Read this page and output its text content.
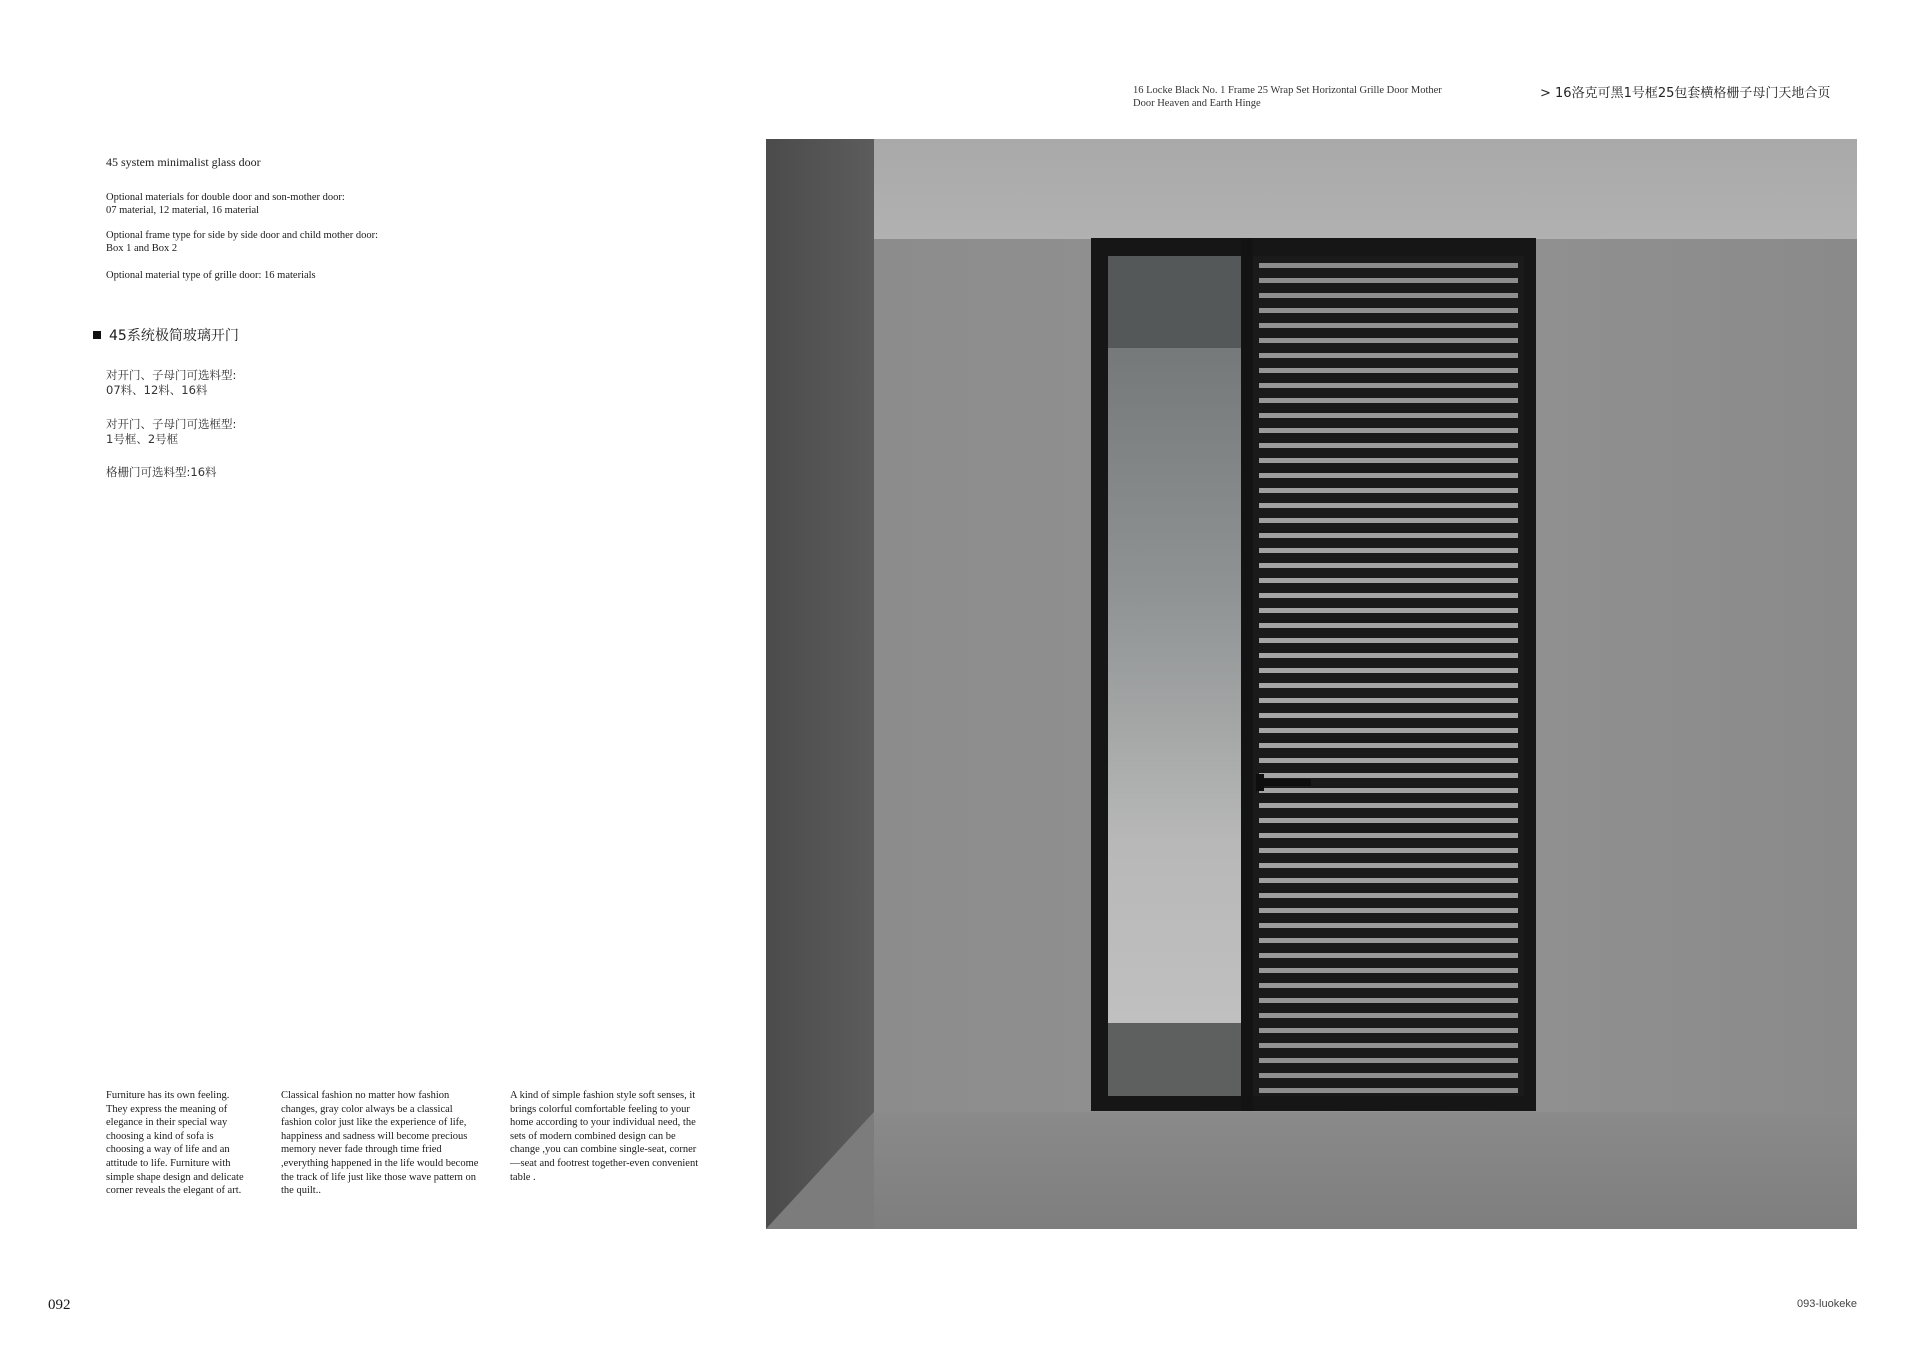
45 system minimalist glass door
Optional materials for double door and son-mother door:
07 material, 12 material, 16 material
Optional frame type for side by side door and child mother door:
Box 1 and Box 2
Optional material type of grille door: 16 materials
45系统极简玻璃开门
对开门、子母门可选料型:
07料、12料、16料
对开门、子母门可选框型:
1号框、2号框
格栅门可选料型:16料
Furniture has its own feeling. They express the meaning of elegance in their special way choosing a kind of sofa is choosing a way of life and an attitude to life. Furniture with simple shape design and delicate corner reveals the elegant of art.
Classical fashion no matter how fashion changes, gray color always be a classical fashion color just like the experience of life, happiness and sadness will become precious memory never fade through time fried ,everything happened in the life would become the track of life just like those wave pattern on the quilt..
A kind of simple fashion style soft senses, it brings colorful comfortable feeling to your home according to your individual need, the sets of modern combined design can be change ,you can combine single-seat, corner—seat and footrest together-even convenient table .
092
16 Locke Black No. 1 Frame 25 Wrap Set Horizontal Grille Door Mother Door Heaven and Earth Hinge
> 16洛克可黑1号框25包套横格栅子母门天地合页
093-luokeke
